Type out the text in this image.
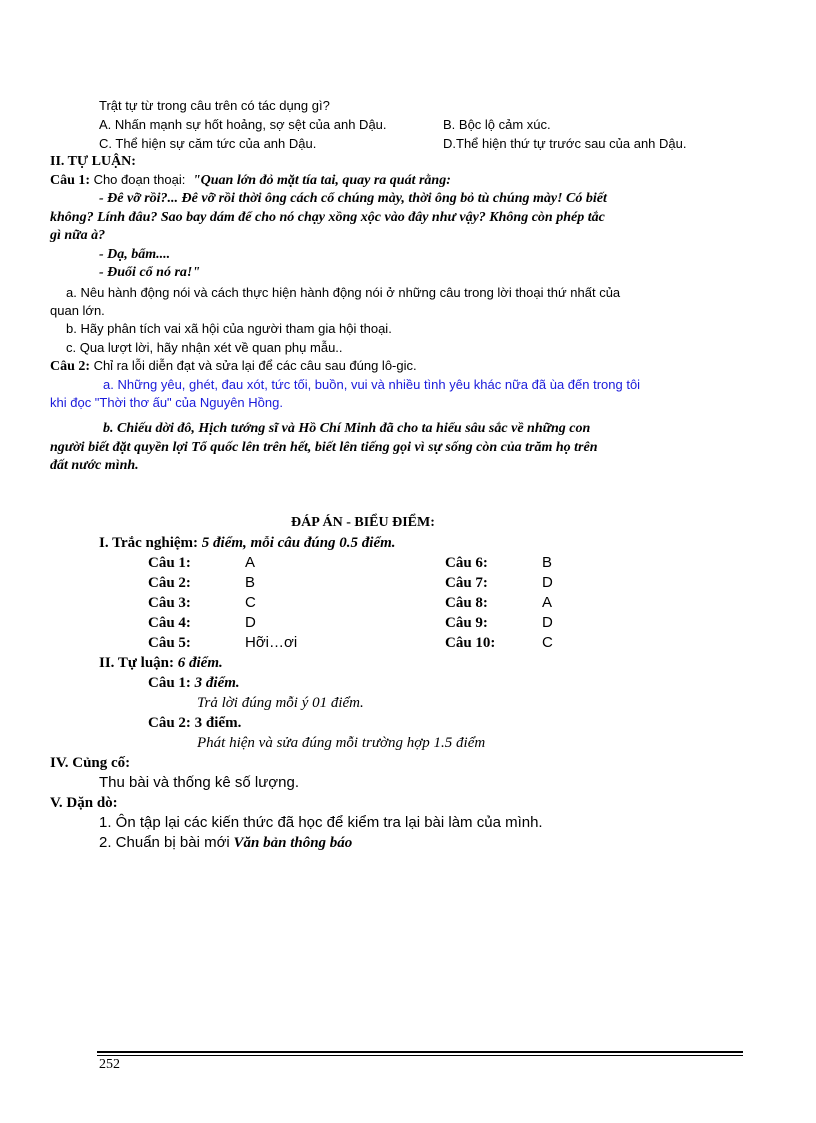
Trật tự từ trong câu trên có tác dụng gì?
A. Nhấn mạnh sự hốt hoảng, sợ sệt của anh Dậu.	B. Bộc lộ cảm xúc.
C. Thể hiện sự căm tức của anh Dậu.	D.Thể hiện thứ tự trước sau của anh Dậu.
II. TỰ LUẬN:
Câu 1: Cho đoạn thoại: "Quan lớn đỏ mặt tía tai, quay ra quát rằng:
- Đê vỡ rồi?... Đê vỡ rồi thời ông cách cổ chúng mày, thời ông bỏ tù chúng mày! Có biết
không? Lính đâu? Sao bay dám để cho nó chạy xồng xộc vào đây như vậy? Không còn phép tắc
gì nữa à?
- Dạ, bẩm....
- Đuổi cổ nó ra!"
a. Nêu hành động nói và cách thực hiện hành động nói ở những câu trong lời thoại thứ nhất của
quan lớn.
b. Hãy phân tích vai xã hội của người tham gia hội thoại.
c. Qua lượt lời, hãy nhận xét về quan phụ mẫu..
Câu 2: Chỉ ra lỗi diễn đạt và sửa lại để các câu sau đúng lô-gic.
a. Những yêu, ghét, đau xót, tức tối, buồn, vui và nhiều tình yêu khác nữa đã ùa đến trong tôi
khi đọc "Thời thơ ấu" của Nguyên Hồng.
b. Chiếu dời đô, Hịch tướng sĩ và Hồ Chí Minh đã cho ta hiểu sâu sắc về những con
người biết đặt quyền lợi Tổ quốc lên trên hết, biết lên tiếng gọi vì sự sống còn của trăm họ trên
đất nước mình.
ĐÁP ÁN - BIỂU ĐIỂM:
I. Trắc nghiệm: 5 điểm, mỗi câu đúng 0.5 điểm.
Câu 1:	A	Câu 6:	B
Câu 2:	B	Câu 7:	D
Câu 3:	C	Câu 8:	A
Câu 4:	D	Câu 9:	D
Câu 5:	Hỡi…ơi	Câu 10:	C
II. Tự luận: 6 điểm.
Câu 1: 3 điểm.
Trả lời đúng mỗi ý 01 điểm.
Câu 2: 3 điểm.
Phát hiện và sửa đúng mỗi trường hợp 1.5 điểm
IV. Củng cố:
Thu bài và thống kê số lượng.
V. Dặn dò:
1. Ôn tập lại các kiến thức đã học để kiểm tra lại bài làm của mình.
2. Chuẩn bị bài mới Văn bản thông báo
252
